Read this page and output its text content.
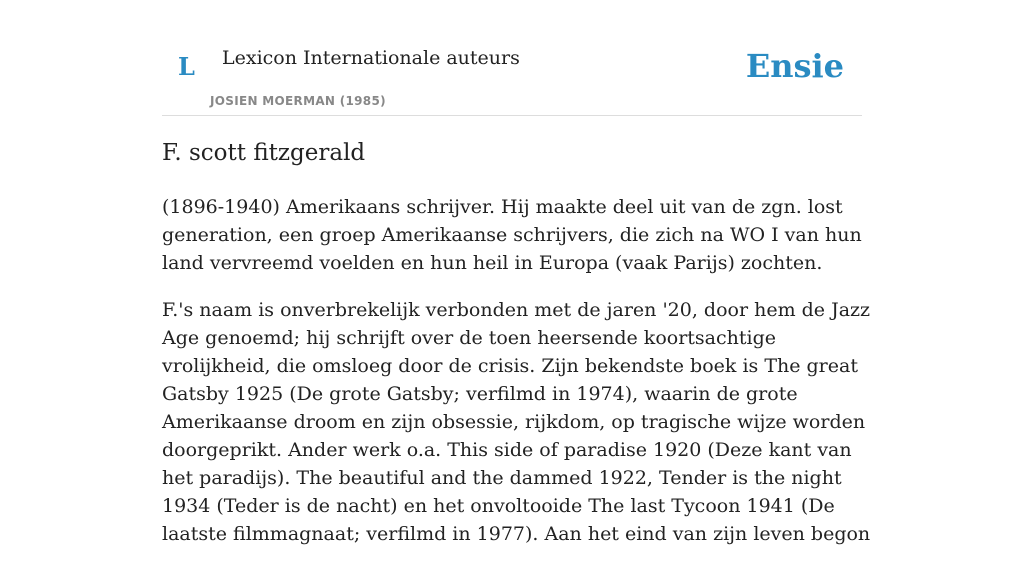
L Lexicon Internationale auteurs
JOSIEN MOERMAN (1985)
Ensie
F. scott fitzgerald

(1896-1940) Amerikaans schrijver. Hij maakte deel uit van de zgn. lost generation, een groep Amerikaanse schrijvers, die zich na WO I van hun land vervreemd voelden en hun heil in Europa (vaak Parijs) zochten.

F.'s naam is onverbrekelijk verbonden met de jaren '20, door hem de Jazz Age genoemd; hij schrijft over de toen heersende koortsachtige vrolijkheid, die omsloeg door de crisis. Zijn bekendste boek is The great Gatsby 1925 (De grote Gatsby; verfilmd in 1974), waarin de grote Amerikaanse droom en zijn obsessie, rijkdom, op tragische wijze worden doorgeprikt. Ander werk o.a. This side of paradise 1920 (Deze kant van het paradijs). The beautiful and the dammed 1922, Tender is the night 1934 (Teder is de nacht) en het onvoltooide The last Tycoon 1941 (De laatste filmmagnaat; verfilmd in 1977). Aan het eind van zijn leven begon
